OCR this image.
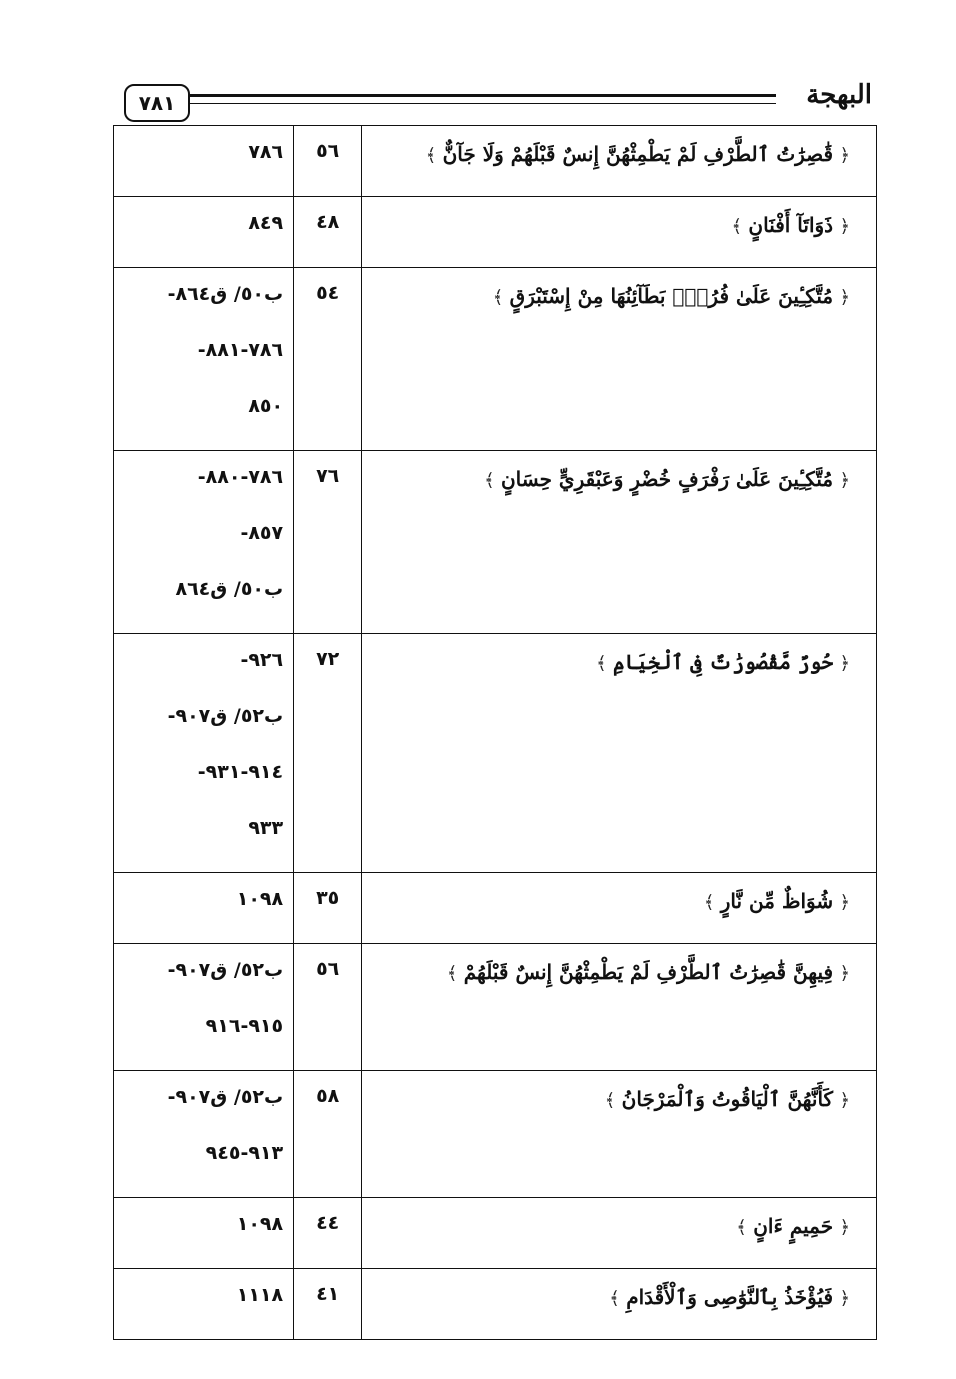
٧٨١	البهجة
﴿ قَٰصِرَٰتُ ٱلطَّرْفِ لَمْ يَطْمِثْهُنَّ إِنسٌ قَبْلَهُمْ وَلَا جَآنٌّ ﴾	٥٦	٧٨٦

﴿ ذَوَاتَآ أَفْنَانٍ ﴾	٤٨	٨٤٩

﴿ مُتَّكِـِٔينَ عَلَىٰ فُرُشٍۭ بَطَآئِنُهَا مِنْ إِسْتَبْرَقٍ ﴾	٥٤	ب٥٠/ ق٨٦٤-
-٧٨٦-٨٨١
٨٥٠

﴿ مُتَّكِـِٔينَ عَلَىٰ رَفْرَفٍ خُضْرٍ وَعَبْقَرِيٍّ حِسَانٍ ﴾	٧٦	-٧٨٦-٨٨٠
-٨٥٧
ب٥٠/ ق٨٦٤

﴿ حُورٌ مَّقْصُورَٰتٌ فِى ٱلْخِيَامِ ﴾	٧٢	-٩٢٦
ب٥٢/ ق٩٠٧-
-٩١٤-٩٣١
٩٣٣

﴿ شُوَاظٌ مِّن نَّارٍ ﴾	٣٥	١٠٩٨

﴿ فِيهِنَّ قَٰصِرَٰتُ ٱلطَّرْفِ لَمْ يَطْمِثْهُنَّ إِنسٌ قَبْلَهُمْ ﴾	٥٦	ب٥٢/ ق٩٠٧-
٩١٥-٩١٦

﴿ كَأَنَّهُنَّ ٱلْيَاقُوتُ وَٱلْمَرْجَانُ ﴾	٥٨	ب٥٢/ ق٩٠٧-
٩١٣-٩٤٥

﴿ حَمِيمٍ ءَانٍ ﴾	٤٤	١٠٩٨

﴿ فَيُؤْخَذُ بِٱلنَّوَٰصِى وَٱلْأَقْدَامِ ﴾	٤١	١١١٨
